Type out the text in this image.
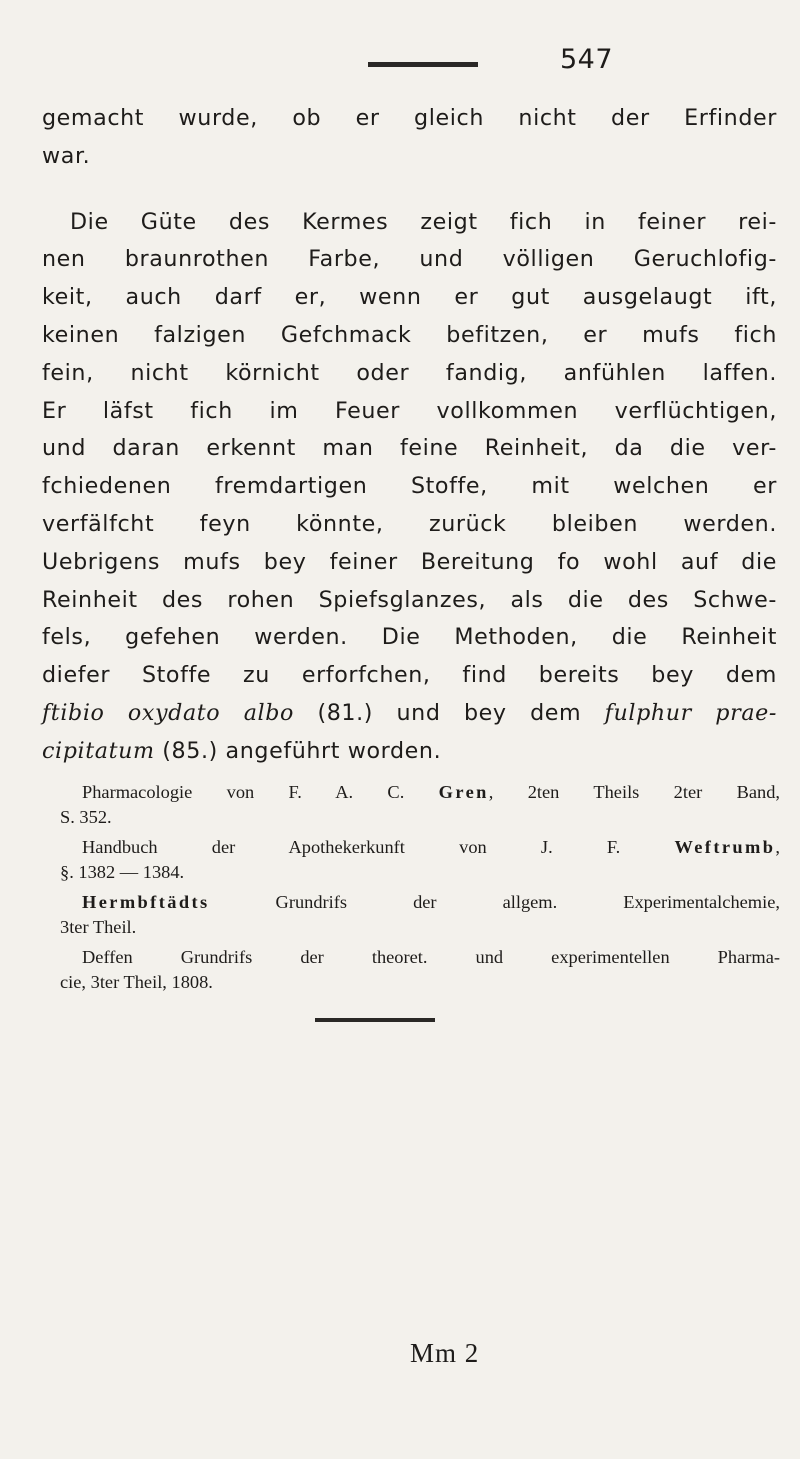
547
gemacht wurde, ob er gleich nicht der Erfinder
war.
Die Güte des Kermes zeigt fich in feiner rei-
nen braunrothen Farbe, und völligen Geruchlofig-
keit, auch darf er, wenn er gut ausgelaugt ift,
keinen falzigen Gefchmack befitzen, er mufs fich
fein, nicht körnicht oder fandig, anfühlen laffen.
Er läfst fich im Feuer vollkommen verflüchtigen,
und daran erkennt man feine Reinheit, da die ver-
fchiedenen fremdartigen Stoffe, mit welchen er
verfälfcht feyn könnte, zurück bleiben werden.
Uebrigens mufs bey feiner Bereitung fo wohl auf die
Reinheit des rohen Spiefsglanzes, als die des Schwe-
fels, gefehen werden. Die Methoden, die Reinheit
diefer Stoffe zu erforfchen, find bereits bey dem
ftibio oxydato albo (81.) und bey dem fulphur prae-
cipitatum (85.) angeführt worden.
Pharmacologie von F. A. C. Gren, 2ten Theils 2ter Band,
S. 352.
Handbuch der Apothekerkunft von J. F. Weftrumb,
§. 1382 — 1384.
Hermbftädts Grundrifs der allgem. Experimentalchemie,
3ter Theil.
Deffen Grundrifs der theoret. und experimentellen Pharma-
cie, 3ter Theil, 1808.
Mm 2
